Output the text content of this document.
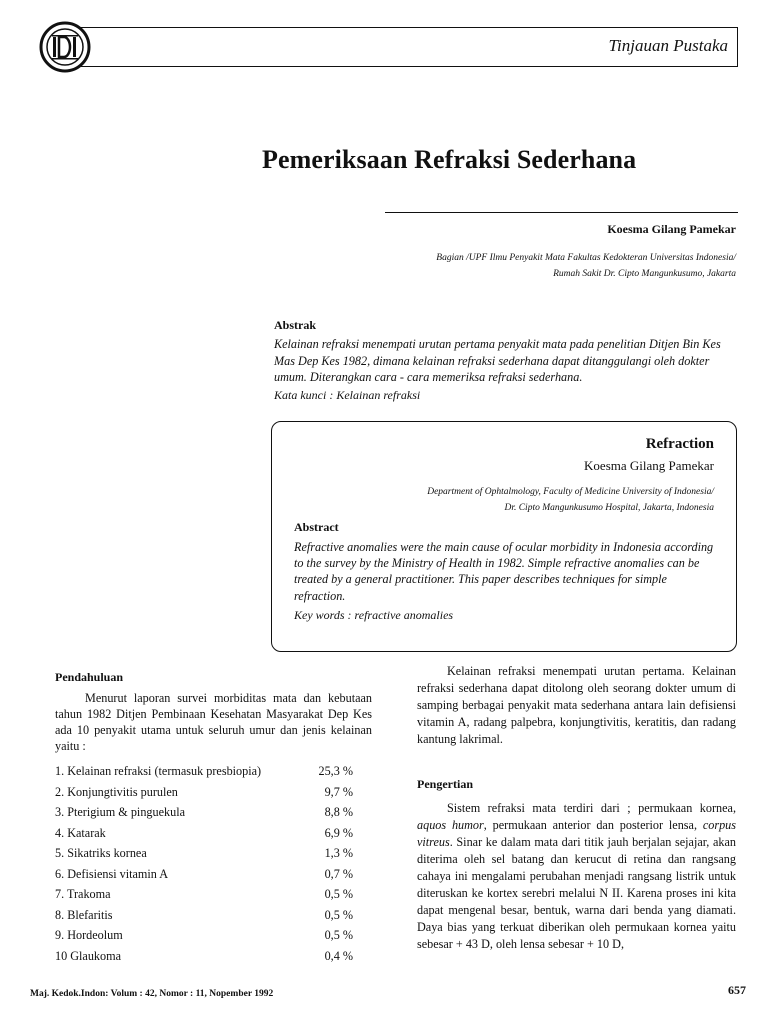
Tinjauan Pustaka
Pemeriksaan Refraksi Sederhana
Koesma Gilang Pamekar
Bagian /UPF Ilmu Penyakit Mata Fakultas Kedokteran Universitas Indonesia/
Rumah Sakit Dr. Cipto Mangunkusumo, Jakarta
Abstrak

Kelainan refraksi menempati urutan pertama penyakit mata pada penelitian Ditjen Bin Kes Mas Dep Kes 1982, dimana kelainan refraksi sederhana dapat ditanggulangi oleh dokter umum. Diterangkan cara - cara memeriksa refraksi sederhana.

Kata kunci : Kelainan refraksi
Refraction
Koesma Gilang Pamekar
Department of Ophtalmology, Faculty of Medicine University of Indonesia/
Dr. Cipto Mangunkusumo Hospital, Jakarta, Indonesia
Abstract
Refractive anomalies were the main cause of ocular morbidity in Indonesia according to the survey by the Ministry of Health in 1982. Simple refractive anomalies can be treated by a general practitioner. This paper describes techniques for simple refraction.
Key words : refractive anomalies
Pendahuluan
Menurut laporan survei morbiditas mata dan kebutaan tahun 1982 Ditjen Pembinaan Kesehatan Masyarakat Dep Kes ada 10 penyakit utama untuk seluruh umur dan jenis kelainan yaitu :
1. Kelainan refraksi (termasuk presbiopia)	25,3 %
2. Konjungtivitis purulen	9,7 %
3. Pterigium & pinguekula	8,8 %
4. Katarak	6,9 %
5. Sikatriks kornea	1,3 %
6. Defisiensi vitamin A	0,7 %
7. Trakoma	0,5 %
8. Blefaritis	0,5 %
9. Hordeolum	0,5 %
10 Glaukoma	0,4 %
Kelainan refraksi menempati urutan pertama. Kelainan refraksi sederhana dapat ditolong oleh seorang dokter umum di samping berbagai penyakit mata sederhana antara lain defisiensi vitamin A, radang palpebra, konjungtivitis, keratitis, dan radang kantung lakrimal.
Pengertian
Sistem refraksi mata terdiri dari ; permukaan kornea, aquos humor, permukaan anterior dan posterior lensa, corpus vitreus. Sinar ke dalam mata dari titik jauh berjalan sejajar, akan diterima oleh sel batang dan kerucut di retina dan rangsang cahaya ini mengalami perubahan menjadi rangsang listrik untuk diteruskan ke kortex serebri melalui N II. Karena proses ini kita dapat mengenal besar, bentuk, warna dari benda yang diamati. Daya bias yang terkuat diberikan oleh permukaan kornea yaitu sebesar + 43 D, oleh lensa sebesar + 10 D,
Maj. Kedok.Indon: Volum : 42, Nomor : 11, Nopember 1992	657
